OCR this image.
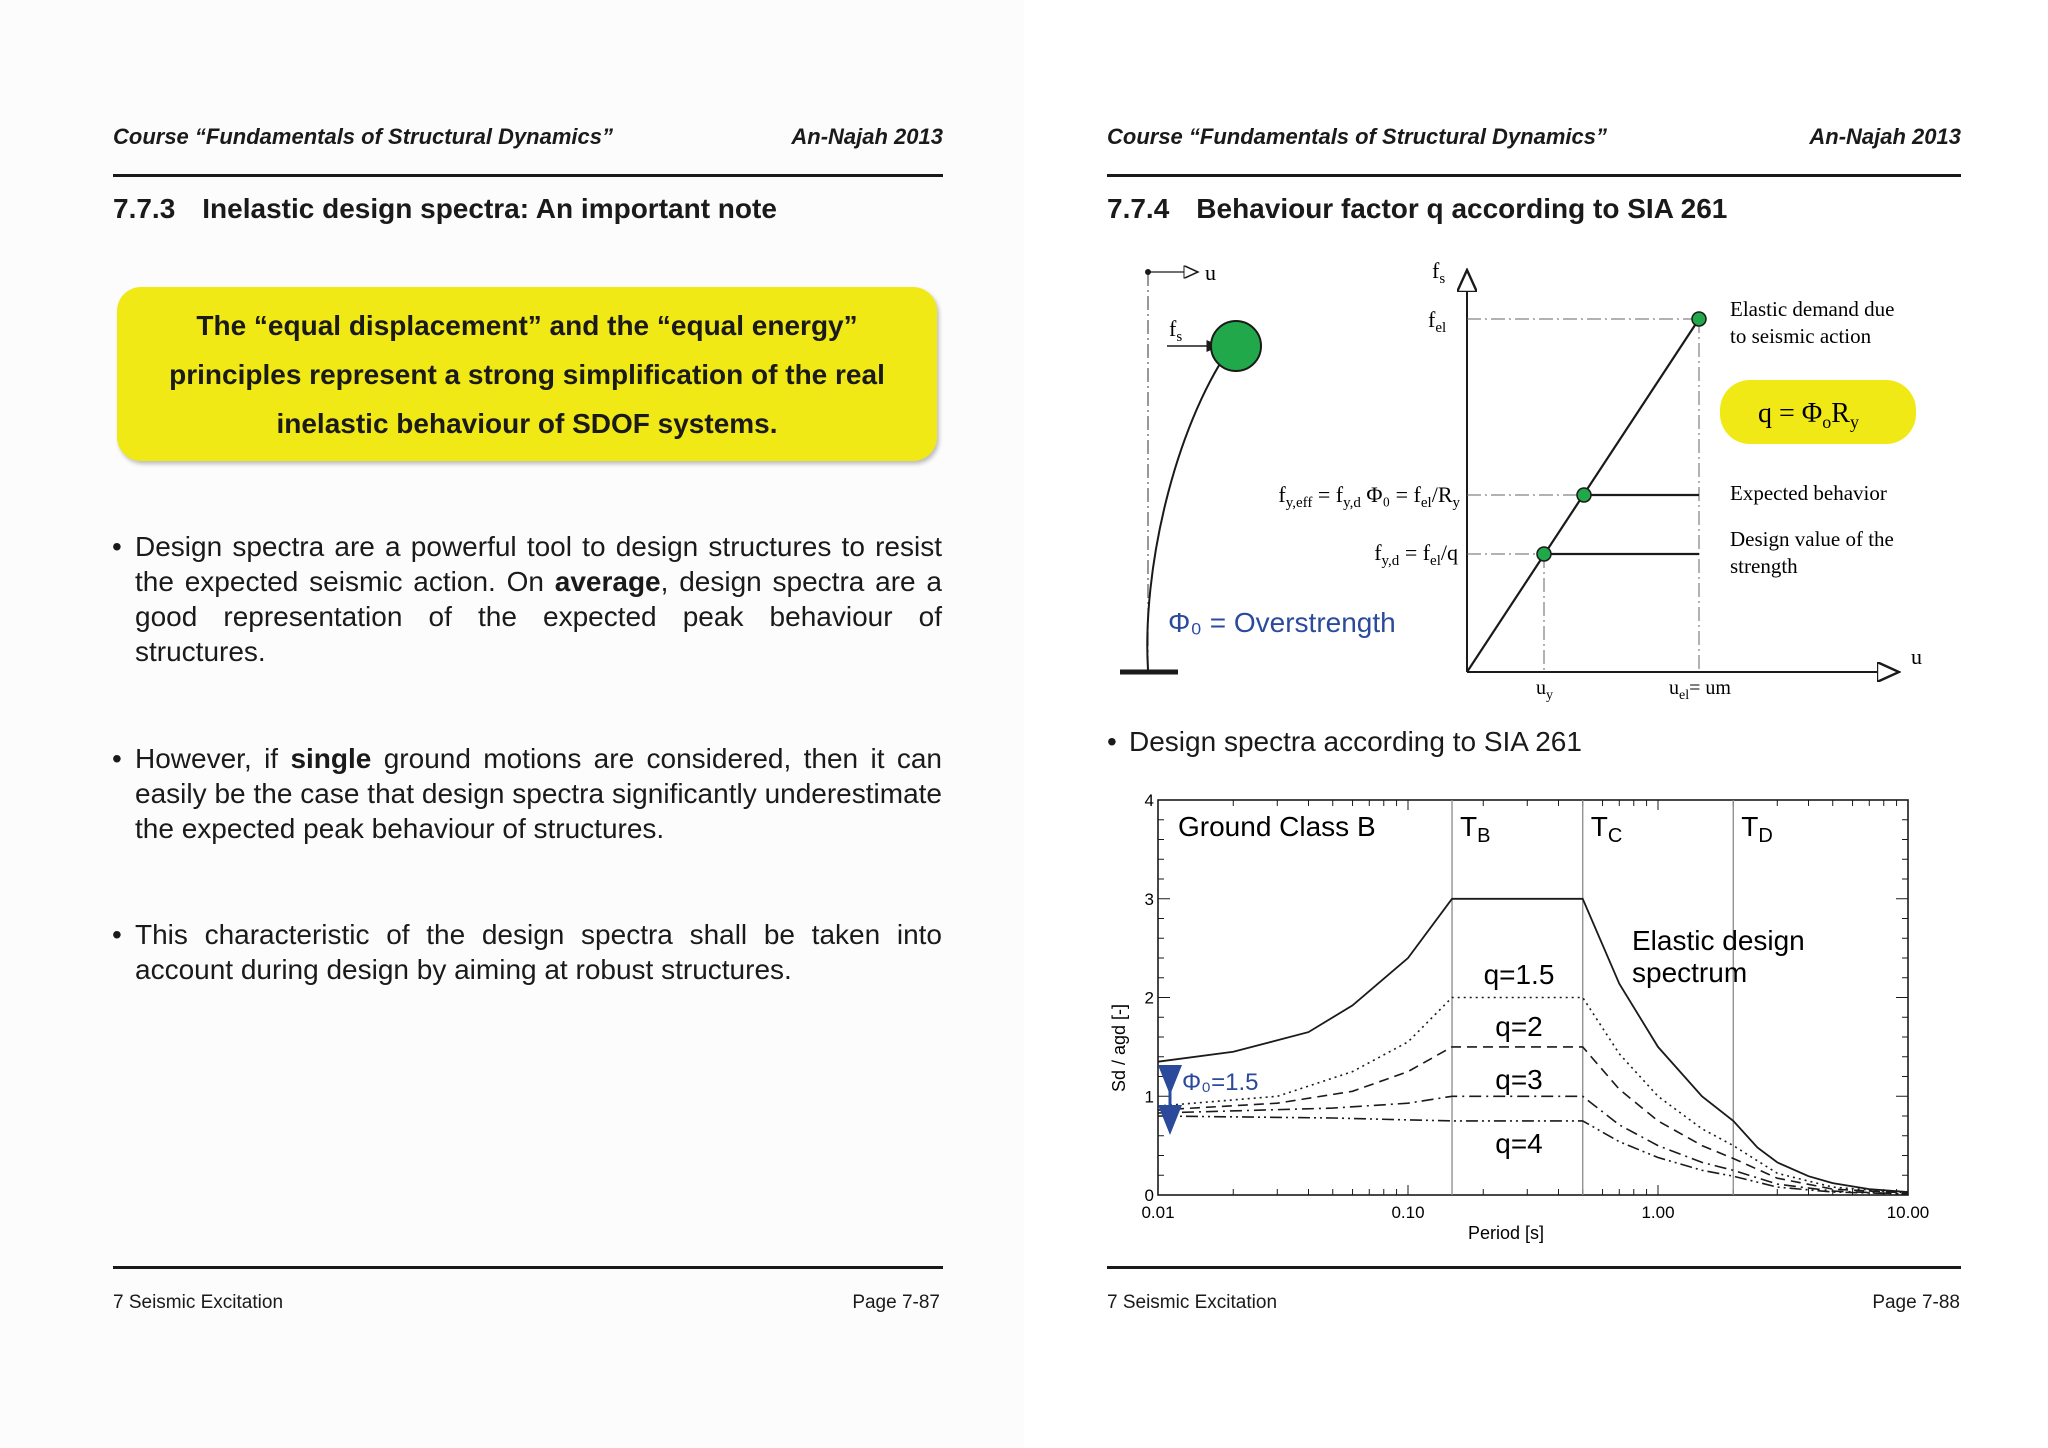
Course “Fundamentals of Structural Dynamics”	An-Najah 2013
7.7.3 Inelastic design spectra: An important note
The “equal displacement” and the “equal energy” principles represent a strong simplification of the real inelastic behaviour of SDOF systems.
• Design spectra are a powerful tool to design structures to resist the expected seismic action. On average, design spectra are a good representation of the expected peak behaviour of structures.
• However, if single ground motions are considered, then it can easily be the case that design spectra significantly underestimate the expected peak behaviour of structures.
• This characteristic of the design spectra shall be taken into account during design by aiming at robust structures.
7 Seismic Excitation	Page 7-87
Course “Fundamentals of Structural Dynamics”	An-Najah 2013
7.7.4 Behaviour factor q according to SIA 261
u
$f_s$
Φ₀ = Overstrength
$f_s$
u
$f_{el}$
$f_{y,eff} = f_{y,d}$ $\Phi_0 = f_{el}/R_y$
$f_{y,d} = f_{el}/q$
$u_y$	$u_{el}=$ um
Elastic demand due
to seismic action
$q = \Phi_oR_y$
Expected behavior
Design value of the
strength
• Design spectra according to SIA 261
$T_B$	$T_C$	$T_D$
0.01	0.10	1.00	10.00
0
1
2
3
4
Ground Class B
Period [s]
Sd / agd [-]
Elastic design
spectrum
q=1.5
q=2
q=3
q=4
Φ₀=1.5
7 Seismic Excitation	Page 7-88
